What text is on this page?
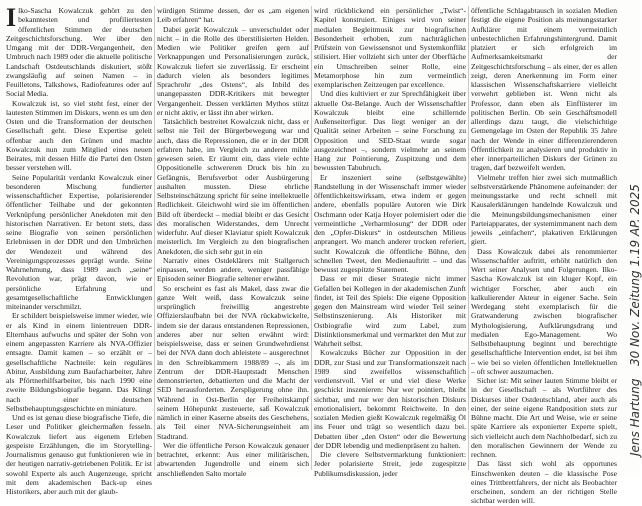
Ilko-Sascha Kowalczuk gehört zu den bekanntesten und profiliertesten öffentlichen Stimmen der deutschen Zeitgeschichtsforschung. Wer über den Umgang mit der DDR-Vergangenheit, den Umbruch nach 1989 oder die aktuelle politische Landschaft Ostdeutschlands diskutiert, stößt zwangsläufig auf seinen Namen – in Feuilletons, Talkshows, Radiofeatures oder auf Social Media.

Kowalczuk ist, so viel steht fest, einer der lautesten Stimmen im Diskurs, wenn es um den Osten und die Transformation der deutschen Gesellschaft geht. Diese Expertise geleit offenbar auch den Grünen und machte Kowalczuk nun zum Mitglied eines neuen Beirates, mit dessen Hilfe die Partei den Osten besser verstehen will.

Seine Popularität verdankt Kowalczuk einer besonderen Mischung fundierter wissenschaftlicher Expertise, polarisierender öffentlicher Teilhabe und der gekonnten Verknüpfung persönlicher Anekdoten mit den historischen Narrativen. Er betont stets, dass seine Biografie von seinen persönlichen Erlebnissen in der DDR und den Umbrüchen der Wendezeit und während des Vereinigungsprozesses geprägt wurde. Seine Wahrnehmung, dass 1989 auch „seine“ Revolution war, prägt davon, wie er persönliche Erfahrung und gesamtgesellschaftliche Entwicklungen miteinander verschmilzt.

Er schildert beispielsweise immer wieder, wie er als Kind in einem linientreuen DDR-Elternhaus aufwuchs und später der Sohn von einem angepassten Karriere als NVA-Offizier entsagte. Damit kamen – so erzählt er – gesellschaftliche Nachteile: kein reguläres Abitur, Ausbildung zum Baufacharbeiter, Jahre als Pförtnerhilfsarbeiter, bis nach 1990 eine zweite Bildungsbiografie begann. Das Klingt nach einer deutschen Selbstbehauptungsgeschichte en miniature.

Und es ist genau diese biografische Tiefe, die Leser und Politiker gleichermaßen fesseln. Kowalczuk liefert aus eigenem Erleben gespeiste Erzählungen, die im Storytelling-Journalismus genauso gut funktionieren wie in der heutigen narrativ-getriebenen Politik. Er ist sowohl Experte als auch Augenzeuge, spricht mit dem akademischen Back-up eines Historikers, aber auch mit der glaub-

würdigen Stimme dessen, der es „am eigenen Leib erfahren“ hat.

Dabei gerät Kowalczuk – unverschuldet oder nicht – in die Rolle des überstilisierten Helden. Medien wie Politiker greifen gern auf Verknappungen und Personalisierungen zurück, Kowalczuk liefert sie zuverlässig. Er erscheint dadurch vielen als besonders legitimes Sprachrohr „des Ostens“, als Inbild des unangepassten DDR-Kritikers mit bewegter Vergangenheit. Dessen verklärten Mythos stützt er nicht aktiv, er lässt ihn aber wirken.

Tatsächlich bestreitet Kowalczuk nicht, dass er selbst nie Teil der Bürgerbewegung war und auch, dass die Repressionen, die er in der DDR erfahren habe, im Vergleich zu anderen milde gewesen seien. Er räumt ein, dass viele echte Oppositionelle schwereren Druck bis hin zu Gefängnis, Berufsverbot oder Ausbürgerung aushalten mussten. Diese ehrliche Selbsteinschätzung spricht für seine intellektuelle Redlichkeit. Gleichwohl wird sie im öffentlichen Bild oft überdeckt – medial bleibt er das Gesicht des moralischen Widerstandes, dem Unrecht widerfuhr. Auf dieser Klaviatur spielt Kowalczuk meisterlich. Im Vergleich zu den biografischen Anekdoten, die sich sehr gut in ein

Narrativ eines Ostdeklärers mit Stallgeruch einpassen, werden andere, weniger passfähige Episoden seiner Biografie seltener erwähnt.

So erscheint es fast als Makel, dass zwar die ganze Welt weiß, dass Kowalczuk seine ursprünglich freiwillig angestrebte Offizierslaufbahn bei der NVA rückabwickelte, indem sie der daraus entstandenen Repressionen, anderes aber nur selten erwähnt wird: beispielsweise, dass er seinen Grundwehrdienst bei der NVA dann doch ableistete – ausgerechnet in den Schreibkammern 1988/89 –, als im Zentrum der DDR-Hauptstadt Menschen demonstrierten, debattierten und die Macht der SED herausforderten. Zerspligerung ohne ihn. Während in Ost-Berlin der Freiheitskampf seinem Höhepunkt zusteuerte, saß Kowalczuk nämlich in einer Kaserne abseits des Geschehens, als Teil einer NVA-Sicherungseinheit am Stadtrand.

Wer die öffentliche Person Kowalczuk genauer betrachtet, erkennt: Aus einer militärischen, abwartenden Jugendrolle und einem sich anschließenden Salto mortale

wird rückblickend ein persönlicher „Twist“-Kapitel konstruiert. Einiges wird von seiner medialen Begleitmusik zur biografischen Besonderheit erhoben, zum nachträglichen Prüfstein von Gewissensnot und Systemkonflikt stilisiert. Hier vollzieht sich unter der Oberfläche ein Umschreiben seiner Rolle, eine Metamorphose hin zum vermeintlich exemplarischen Zeitzeugen par excellence.

Und dies kultiviert er zur Sprechfähigkeit über aktuelle Ost-Belange. Auch der Wissenschaftler Kowalczuk bleibt eine schillernde Außenseiterfigur. Das liegt weniger an der Qualität seiner Arbeiten – seine Forschung zu Opposition und SED-Staat wurde sogar ausgezeichnet –, sondern vielmehr an seinem Hang zur Pointierung, Zuspitzung und dem bewussten Tabubruch.

Er inszeniert seine (selbstgewählte) Randstellung in der Wissenschaft immer wieder öffentlichkeitswirksam, etwa indem er gegen andere, ebenfalls populäre Autoren wie Dirk Oschmann oder Katja Hoyer polemisiert oder die vermeintliche „Verharmlosung“ der DDR oder den „Opfer-Diskurs“ in ostdeutschen Milieus anprangert. Wo manch anderer trocken referiert, sucht Kowalczuk die öffentliche Bühne, den schnellen Tweet, den Medienauftritt – und das bewusst zugespitzte Statement.

Dass er mit dieser Strategie nicht immer Gefallen bei Kollegen in der akademischen Zunft findet, ist Teil des Spiels: Die eigene Opposition gegen den Mainstream wird wieder Teil seiner Selbstinszenierung. Als Historiker mit Ostbiografie wird zum Label, zum Distinktionsmerkmal und vermarktet den Mut zur Wahrheit selbst.

Kowalczuks Bücher zur Opposition in der DDR, zur Stasi und zur Transformationszeit nach 1989 sind zweifellos wissenschaftlich verdienstvoll. Viel er und viel diese Werke geschickt inszenieren: Nur wer pointiert, bleibt sichtbar, und nur wer den historischen Diskurs emotionalisiert, bekommt Reichweite. In den sozialen Medien gießt Kowalczuk regelmäßig Öl ins Feuer und trägt so wesentlich dazu bei. Debatten über „den Osten“ oder die Bewertung der DDR lebendig und medienpräsent zu halten.

Die clevere Selbstvermarktung funktioniert: Jeder polarisierte Streit, jede zugespitzte Publikumsdiskussion, jeder

öffentliche Schlagabtausch in sozialen Medien festigt die eigene Position als meinungsstarker Aufklärer mit einem vermeintlich unbestechlichen Erfahrungshintergrund. Damit platziert er sich erfolgreich im Aufmerksamkeitsmarkt der Zeitgeschichtsforschung – als einer, der es allen zeigt, deren Anerkennung im Form einer klassischen Wissenschaftskarriere vielleicht verwehrt geblieben ist. Wenn nicht als Professor, dann eben als Einflüsterer im politischen Berlin. Ob sein Geschäftsmodell allerdings dazu taugt, die vielschichtige Gemengelage im Osten der Republik 35 Jahre nach der Wende in einer differenzierenderen Öffentlichkeit zu analysieren und produktiv in eher innerparteilichen Diskurs der Grünen zu tragen, darf bezweifelt werden.

Vielmehr treffen hier zwei sich mutmaßlich selbstverstärkende Phänomene aufeinander: der meinungsstarke und recht schnell mit Kausalerklärungen handelnde Kowalczuk und die Meinungsbildungsmechanismen einer Parteiapparates, der systemimmanent nach dem jeweils „einfachen“, plakativen Erklärungen giert.

Dass Kowalczuk dabei als renommierter Wissenschaftler auftritt, erhöht natürlich den Wert seiner Analysen und Folgerungen. Ilko-Sascha Kowalczuk ist ein kluger Kopf, ein wichtiger Forscher, aber auch ein kalkulierender Akteur in eigener Sache. Sein Werdegang steht exemplarisch für die Gratwanderung zwischen biografischer Mythologisierung, Aufklärungsdrang und medialen Ego-Management. Wo Selbstbehauptung beginnt und berechtigte gesellschaftliche Intervention endet, ist bei ihm – wie bei so vielen öffentlichen Intellektuellen – oft schwer auszumachen.

Sicher ist: Mit seiner lauten Stimme bleibt er in der Gesellschaft – als Wortführer des Diskurses über Ostdeutschland, aber auch als einer, der seine eigene Randposition stets zur Bühne macht. Die Art und Weise, wie er seine späte Karriere als exponierter Experte spielt, sich vielleicht auch dem Nachholbedarf, sich zu den moralischen Gewinnern der Wende zu rechnen.

Das lässt sich wohl als opportunes Einschwenken deuten – die klassische Pose eines Trittbrettfahrers, der nicht als Beobachter erscheinen, sondern an der richtigen Stelle sichtbar werden will.

Jens Hartung
30 Nov. Zeitung 1.19 AP. 2025
